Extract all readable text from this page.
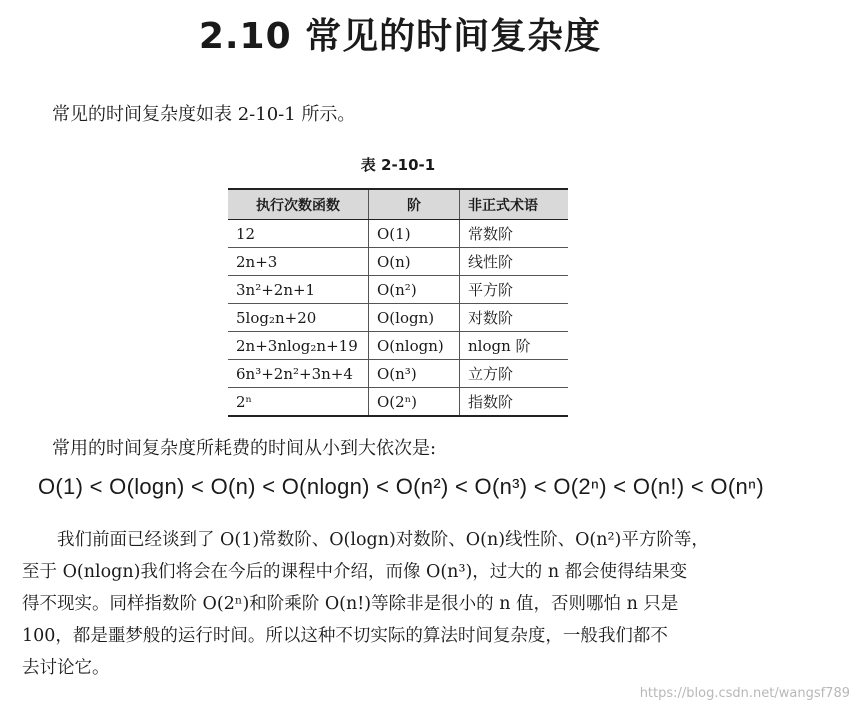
2.10 常见的时间复杂度
常见的时间复杂度如表 2-10-1 所示。
表 2-10-1
执行次数函数	阶	非正式术语
12	O(1)	常数阶
2n+3	O(n)	线性阶
3n²+2n+1	O(n²)	平方阶
5log₂n+20	O(logn)	对数阶
2n+3nlog₂n+19	O(nlogn)	nlogn 阶
6n³+2n²+3n+4	O(n³)	立方阶
2ⁿ	O(2ⁿ)	指数阶
常用的时间复杂度所耗费的时间从小到大依次是:
O(1) < O(logn) < O(n) < O(nlogn) < O(n²) < O(n³) < O(2ⁿ) < O(n!) < O(nⁿ)

我们前面已经谈到了 O(1)常数阶、O(logn)对数阶、O(n)线性阶、O(n²)平方阶等，

至于 O(nlogn)我们将会在今后的课程中介绍，而像 O(n³)，过大的 n 都会使得结果变

得不现实。同样指数阶 O(2ⁿ)和阶乘阶 O(n!)等除非是很小的 n 值，否则哪怕 n 只是

100，都是噩梦般的运行时间。所以这种不切实际的算法时间复杂度，一般我们都不

去讨论它。

https://blog.csdn.net/wangsf789
